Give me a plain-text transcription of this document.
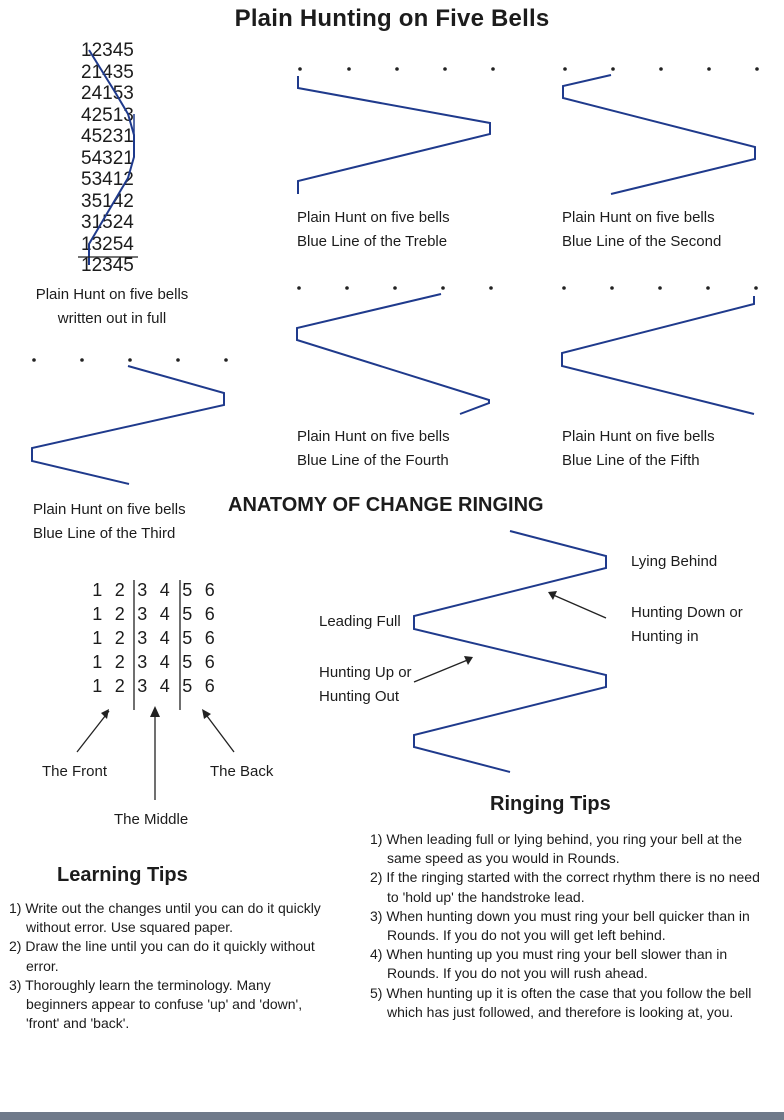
Plain Hunting on Five Bells
12345
21435
24153
42513
45231
54321
53412
35142
31524
13254
12345
Plain Hunt on five bells
written out in full
Plain Hunt on five bells
Blue Line of the Treble
Plain Hunt on five bells
Blue Line of the Second
Plain Hunt on five bells
Blue Line of the Fourth
Plain Hunt on five bells
Blue Line of the Fifth
Plain Hunt on five bells
Blue Line of the Third
ANATOMY OF CHANGE RINGING
1 2 3 4 5 6
1 2 3 4 5 6
1 2 3 4 5 6
1 2 3 4 5 6
1 2 3 4 5 6
The Front
The Middle
The Back
Lying Behind
Hunting Down or
Hunting in
Leading Full
Hunting Up or
Hunting Out
Learning Tips
1) Write out the changes until you can do it quickly without error. Use squared paper.
2) Draw the line until you can do it quickly without error.
3) Thoroughly learn the terminology. Many beginners appear to confuse 'up' and 'down', 'front' and 'back'.
Ringing Tips
1) When leading full or lying behind, you ring your bell at the same speed as you would in Rounds.
2) If the ringing started with the correct rhythm there is no need to 'hold up' the handstroke lead.
3) When hunting down you must ring your bell quicker than in Rounds. If you do not you will get left behind.
4) When hunting up you must ring your bell slower than in Rounds. If you do not you will rush ahead.
5) When hunting up it is often the case that you follow the bell which has just followed, and therefore is looking at, you.
